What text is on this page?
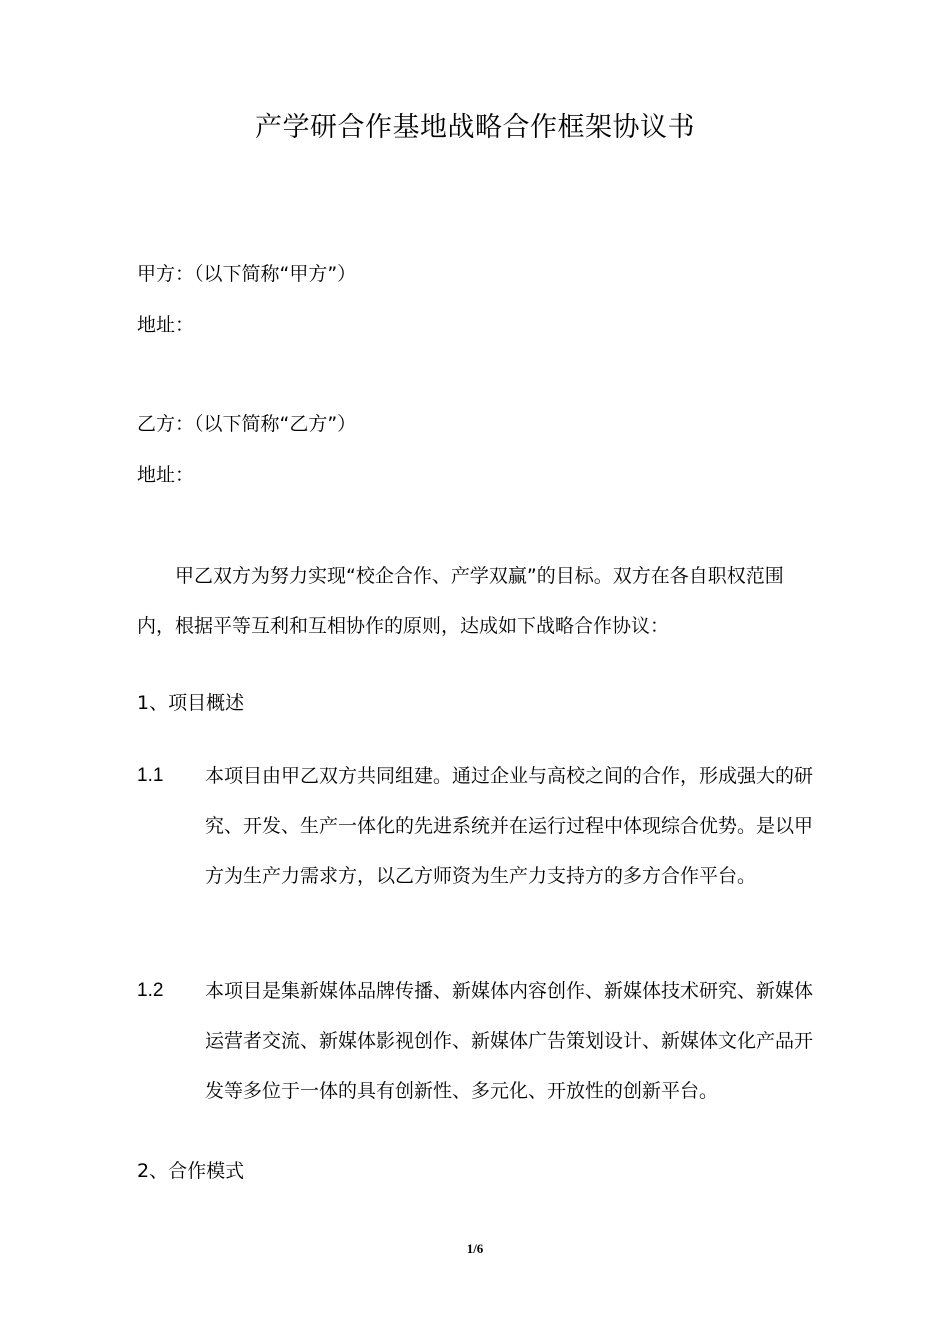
产学研合作基地战略合作框架协议书
甲方：（以下简称“甲方”）
地址：
乙方：（以下简称“乙方”）
地址：
甲乙双方为努力实现“校企合作、产学双赢”的目标。双方在各自职权范围内，根据平等互利和互相协作的原则，达成如下战略合作协议：
1、项目概述
1.1 本项目由甲乙双方共同组建。通过企业与高校之间的合作，形成强大的研究、开发、生产一体化的先进系统并在运行过程中体现综合优势。是以甲方为生产力需求方，以乙方师资为生产力支持方的多方合作平台。
1.2 本项目是集新媒体品牌传播、新媒体内容创作、新媒体技术研究、新媒体运营者交流、新媒体影视创作、新媒体广告策划设计、新媒体文化产品开发等多位于一体的具有创新性、多元化、开放性的创新平台。
2、合作模式
1/6
